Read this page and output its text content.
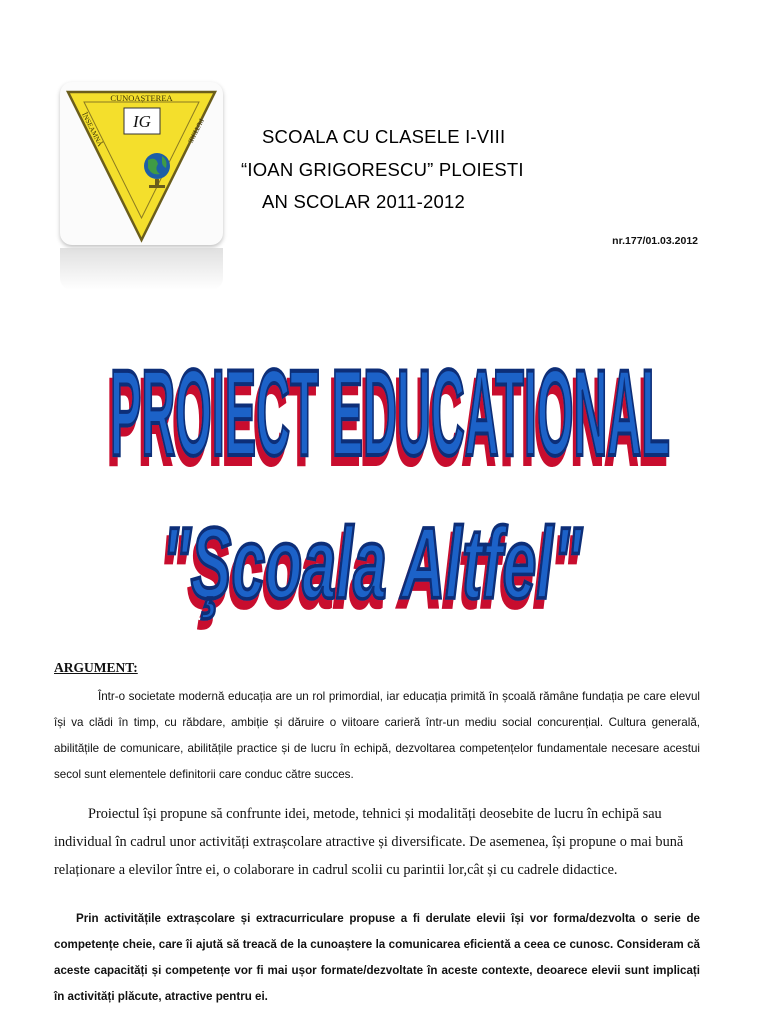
CUNOAȘTEREA
ÎNSEAMNĂ	PUTERE
IG
SCOALA CU CLASELE I-VIII
“IOAN GRIGORESCU” PLOIESTI
AN SCOLAR 2011-2012
nr.177/01.03.2012
PROIECT EDUCATIONAL
"Şcoala Altfel"
ARGUMENT:
Într-o societate modernă educația are un rol primordial, iar educația primită în școală rămâne fundația pe care elevul își va clădi în timp, cu răbdare, ambiție și dăruire o viitoare carieră într-un mediu social concurențial. Cultura generală, abilitățile de comunicare, abilitățile practice și de lucru în echipă, dezvoltarea competențelor fundamentale necesare acestui secol sunt elementele definitorii care conduc către succes.
Proiectul își propune să confrunte idei, metode, tehnici și modalități deosebite de lucru în echipă sau individual în cadrul unor activități extrașcolare atractive și diversificate. De asemenea, își propune o mai bună relaționare a elevilor între ei, o colaborare in cadrul scolii cu parintii lor,cât și cu cadrele didactice.
Prin activitățile extrașcolare și extracurriculare propuse a fi derulate elevii își vor forma/dezvolta o serie de competențe cheie, care îi ajută să treacă de la cunoaștere la comunicarea eficientă a ceea ce cunosc. Consideram că aceste capacități și competențe vor fi mai ușor formate/dezvoltate în aceste contexte, deoarece elevii sunt implicați în activități plăcute, atractive pentru ei.
